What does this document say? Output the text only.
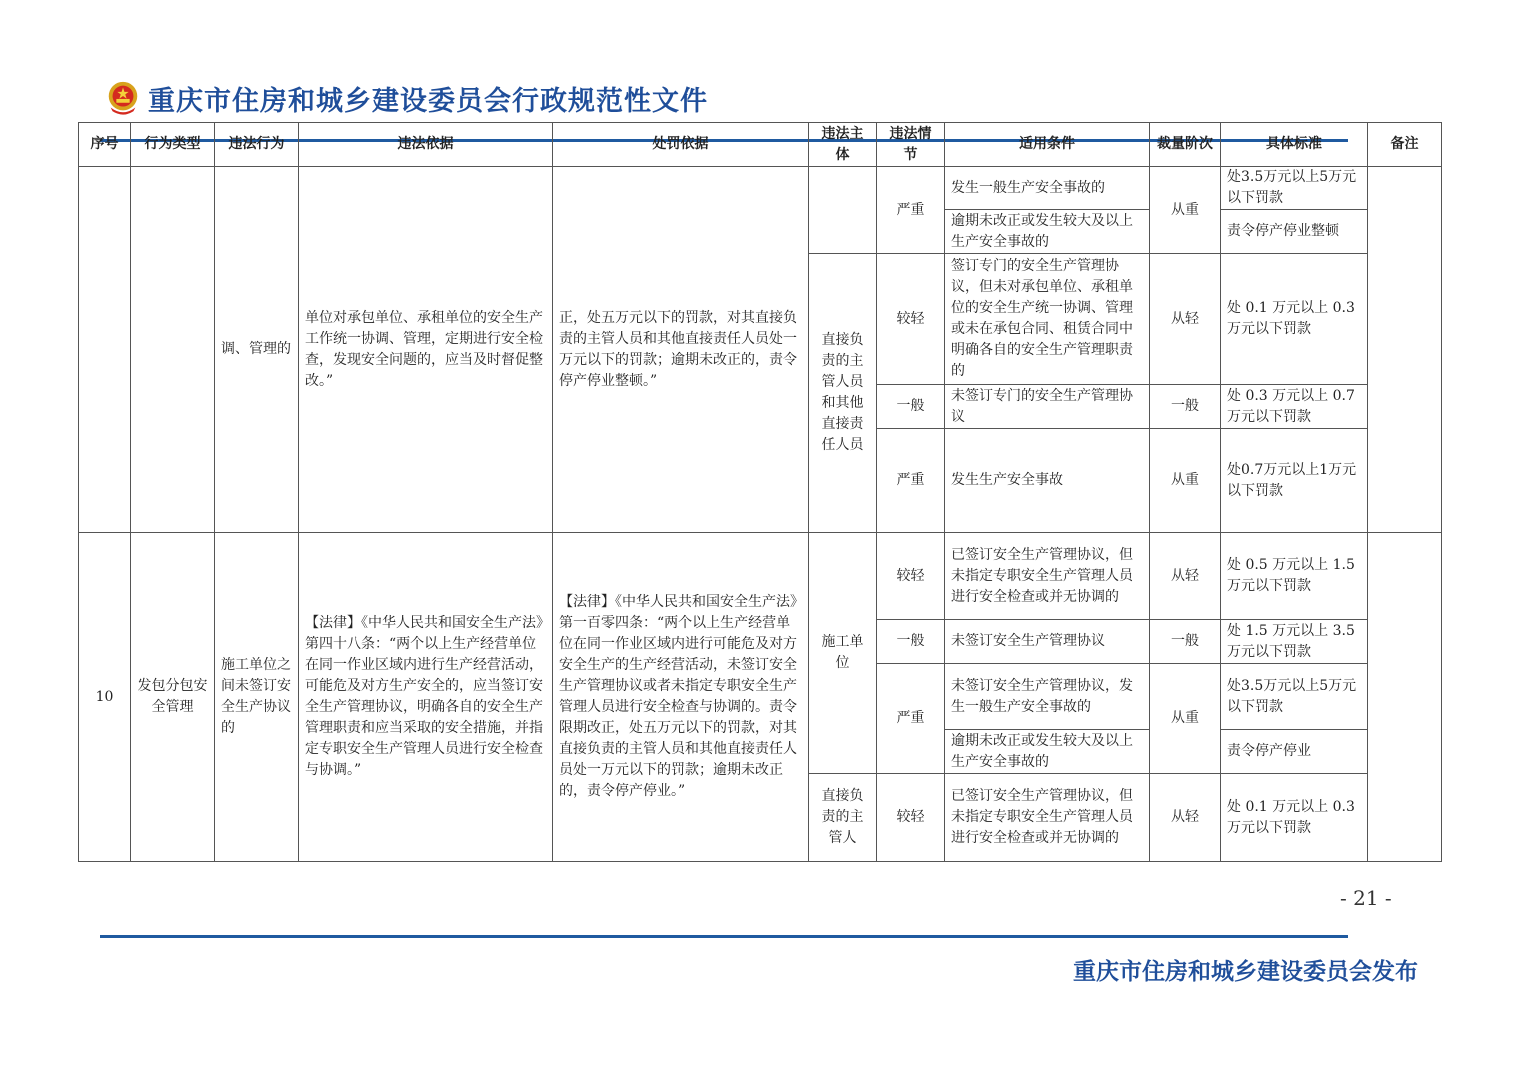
重庆市住房和城乡建设委员会行政规范性文件
序号	行为类型	违法行为	违法依据	处罚依据	违法主体	违法情节	适用条件	裁量阶次	具体标准	备注
		调、管理的	单位对承包单位、承租单位的安全生产工作统一协调、管理，定期进行安全检查，发现安全问题的，应当及时督促整改。”	正，处五万元以下的罚款，对其直接负责的主管人员和其他直接责任人员处一万元以下的罚款；逾期未改正的，责令停产停业整顿。”		严重	发生一般生产安全事故的	从重	处3.5万元以上5万元以下罚款	
							逾期未改正或发生较大及以上生产安全事故的		责令停产停业整顿	
					直接负责的主管人员和其他直接责任人员	较轻	签订专门的安全生产管理协议，但未对承包单位、承租单位的安全生产统一协调、管理或未在承包合同、租赁合同中明确各自的安全生产管理职责的	从轻	处 0.1 万元以上 0.3万元以下罚款	
						一般	未签订专门的安全生产管理协议	一般	处 0.3 万元以上 0.7万元以下罚款	
						严重	发生生产安全事故	从重	处0.7万元以上1万元以下罚款	

10	发包分包安全管理	施工单位之间未签订安全生产协议的	【法律】《中华人民共和国安全生产法》第四十八条：“两个以上生产经营单位在同一作业区域内进行生产经营活动，可能危及对方生产安全的，应当签订安全生产管理协议，明确各自的安全生产管理职责和应当采取的安全措施，并指定专职安全生产管理人员进行安全检查与协调。”	【法律】《中华人民共和国安全生产法》第一百零四条：“两个以上生产经营单位在同一作业区域内进行可能危及对方安全生产的生产经营活动，未签订安全生产管理协议或者未指定专职安全生产管理人员进行安全检查与协调的。责令限期改正，处五万元以下的罚款，对其直接负责的主管人员和其他直接责任人员处一万元以下的罚款；逾期未改正的，责令停产停业。”	施工单位	较轻	已签订安全生产管理协议，但未指定专职安全生产管理人员进行安全检查或并无协调的	从轻	处 0.5 万元以上 1.5万元以下罚款	
						一般	未签订安全生产管理协议	一般	处 1.5 万元以上 3.5万元以下罚款	
						严重	未签订安全生产管理协议，发生一般生产安全事故的	从重	处3.5万元以上5万元以下罚款	
							逾期未改正或发生较大及以上生产安全事故的		责令停产停业	
					直接负责的主管人	较轻	已签订安全生产管理协议，但未指定专职安全生产管理人员进行安全检查或并无协调的	从轻	处 0.1 万元以上 0.3万元以下罚款	
- 21 -
重庆市住房和城乡建设委员会发布
